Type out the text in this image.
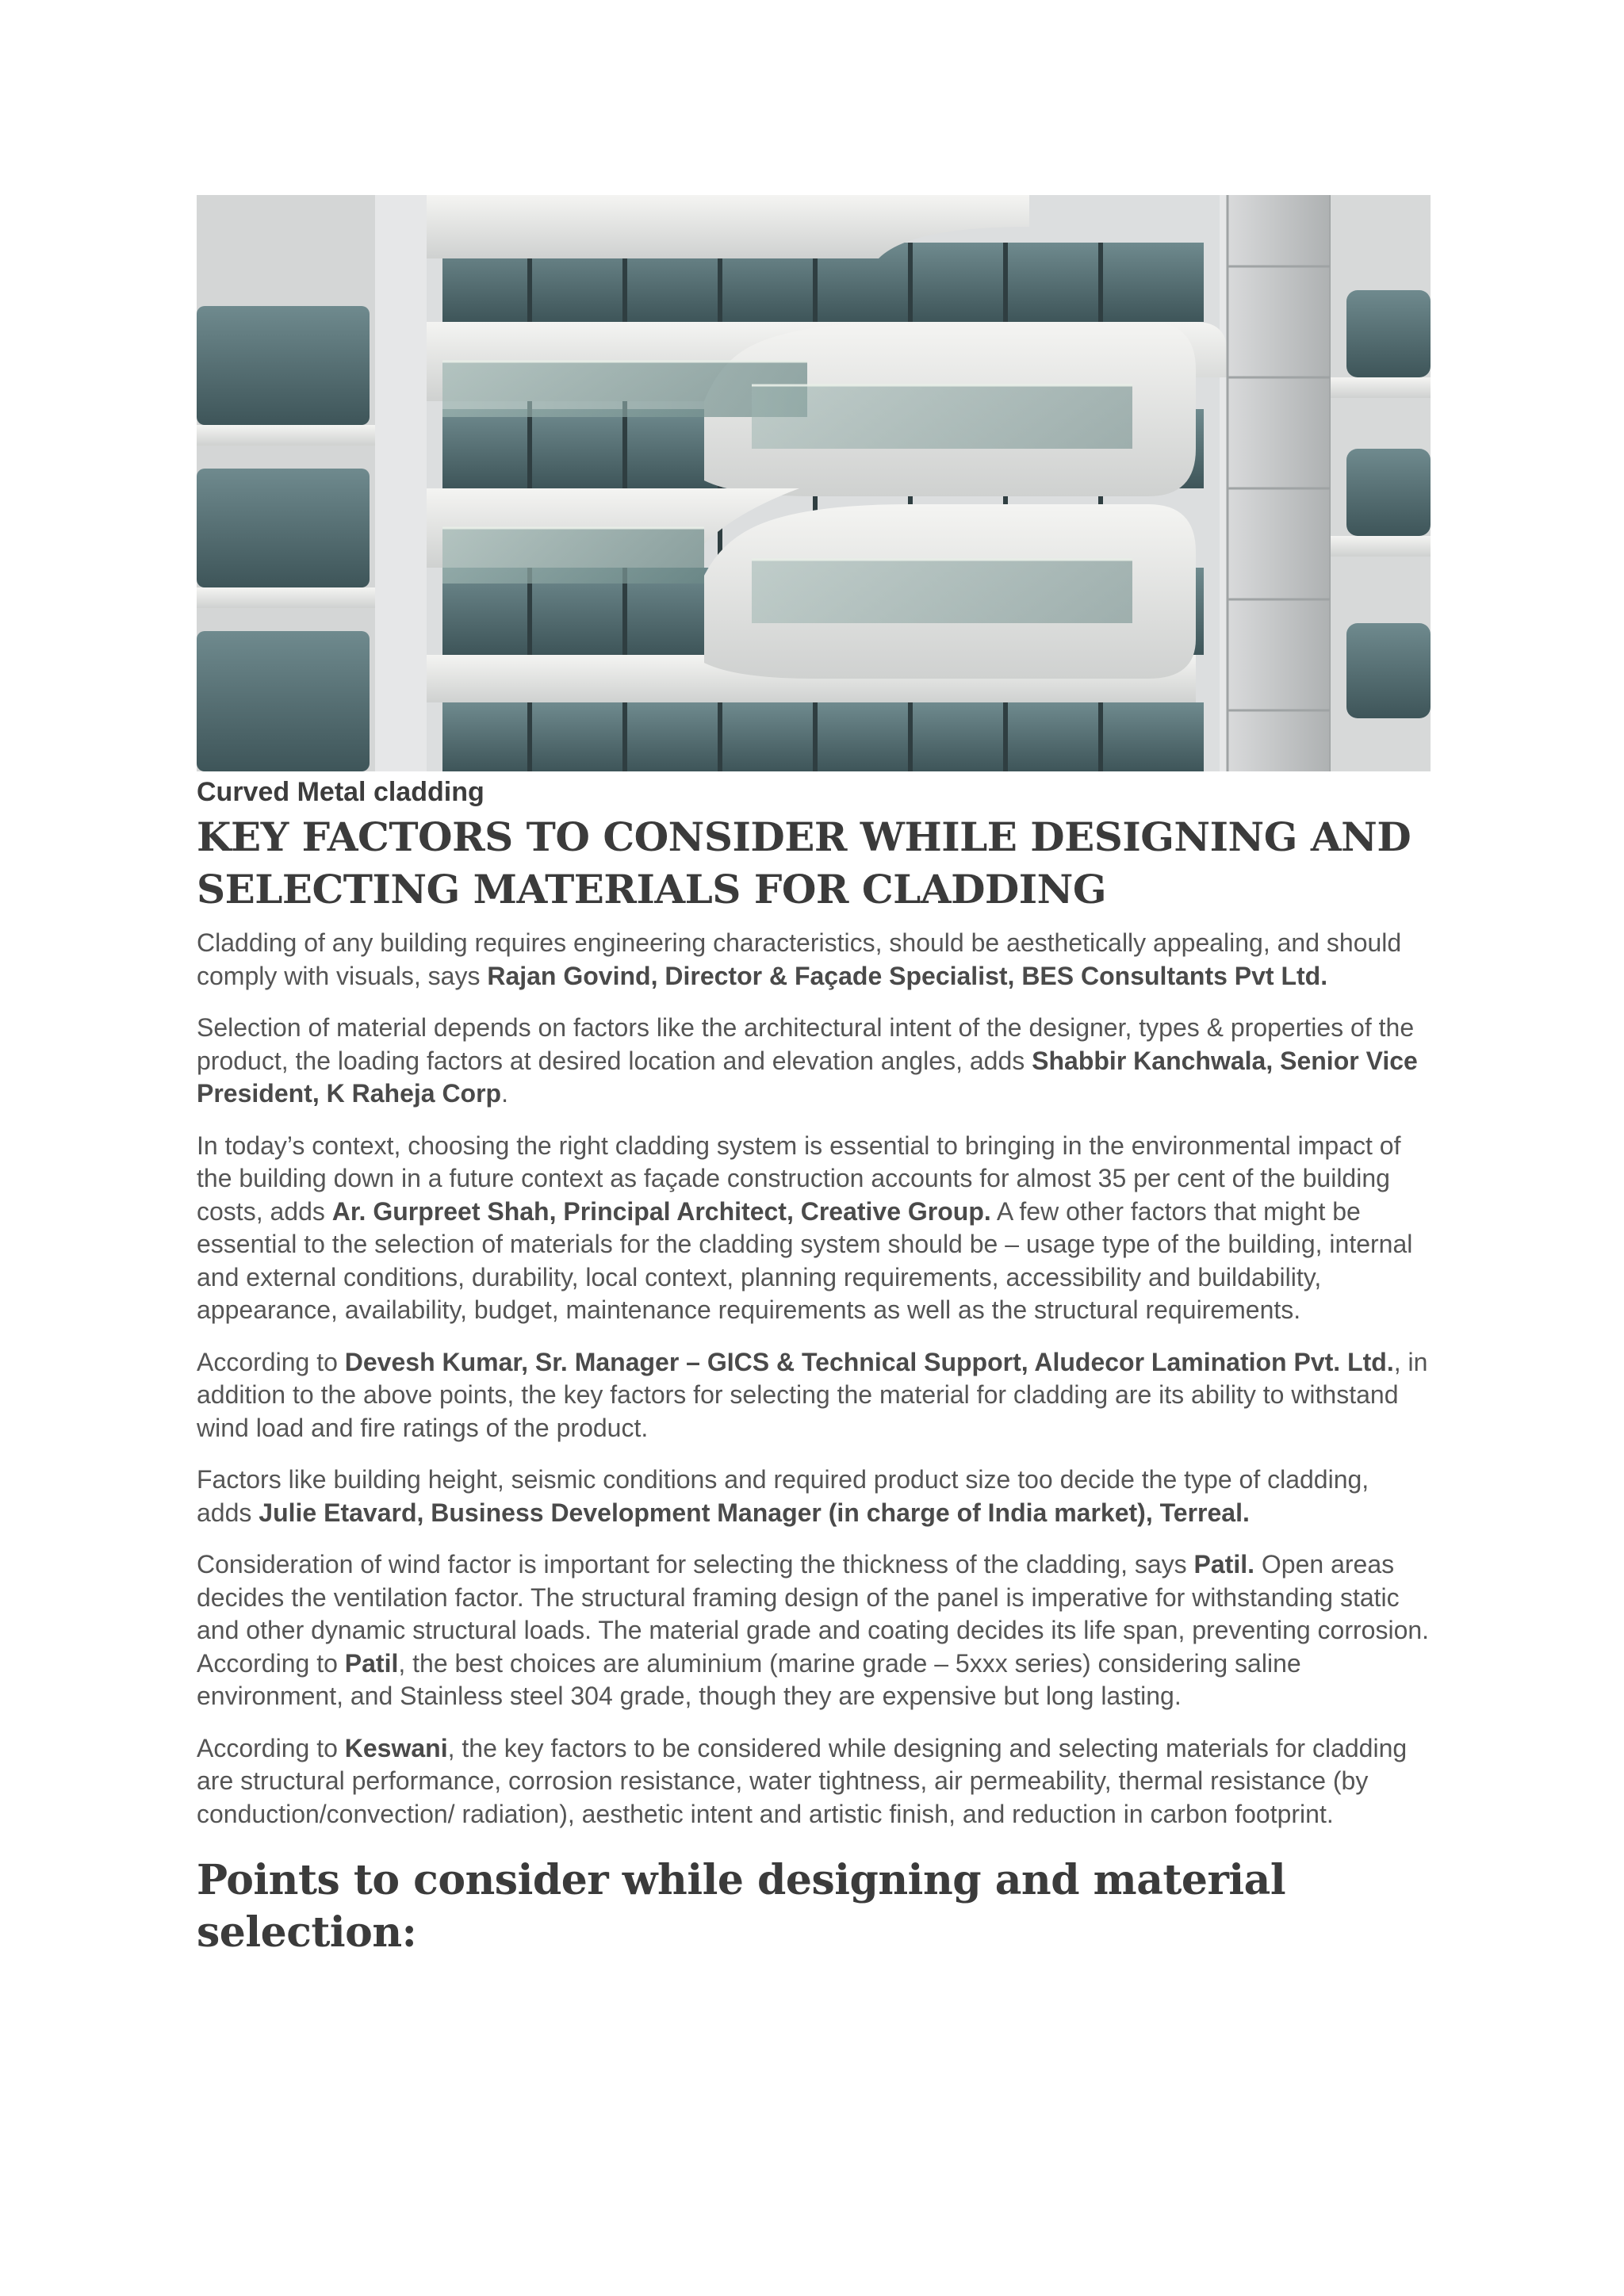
Curved Metal cladding
KEY FACTORS TO CONSIDER WHILE DESIGNING AND SELECTING MATERIALS FOR CLADDING

Cladding of any building requires engineering characteristics, should be aesthetically appealing, and should comply with visuals, says Rajan Govind, Director & Façade Specialist, BES Consultants Pvt Ltd.

Selection of material depends on factors like the architectural intent of the designer, types & properties of the product, the loading factors at desired location and elevation angles, adds Shabbir Kanchwala, Senior Vice President, K Raheja Corp.

In today’s context, choosing the right cladding system is essential to bringing in the environmental impact of the building down in a future context as façade construction accounts for almost 35 per cent of the building costs, adds Ar. Gurpreet Shah, Principal Architect, Creative Group. A few other factors that might be essential to the selection of materials for the cladding system should be – usage type of the building, internal and external conditions, durability, local context, planning requirements, accessibility and buildability, appearance, availability, budget, maintenance requirements as well as the structural requirements.

According to Devesh Kumar, Sr. Manager – GICS & Technical Support, Aludecor Lamination Pvt. Ltd., in addition to the above points, the key factors for selecting the material for cladding are its ability to withstand wind load and fire ratings of the product.

Factors like building height, seismic conditions and required product size too decide the type of cladding, adds Julie Etavard, Business Development Manager (in charge of India market), Terreal.

Consideration of wind factor is important for selecting the thickness of the cladding, says Patil. Open areas decides the ventilation factor. The structural framing design of the panel is imperative for withstanding static and other dynamic structural loads. The material grade and coating decides its life span, preventing corrosion. According to Patil, the best choices are aluminium (marine grade – 5xxx series) considering saline environment, and Stainless steel 304 grade, though they are expensive but long lasting.

According to Keswani, the key factors to be considered while designing and selecting materials for cladding are structural performance, corrosion resistance, water tightness, air permeability, thermal resistance (by conduction/convection/ radiation), aesthetic intent and artistic finish, and reduction in carbon footprint.

Points to consider while designing and material selection:
